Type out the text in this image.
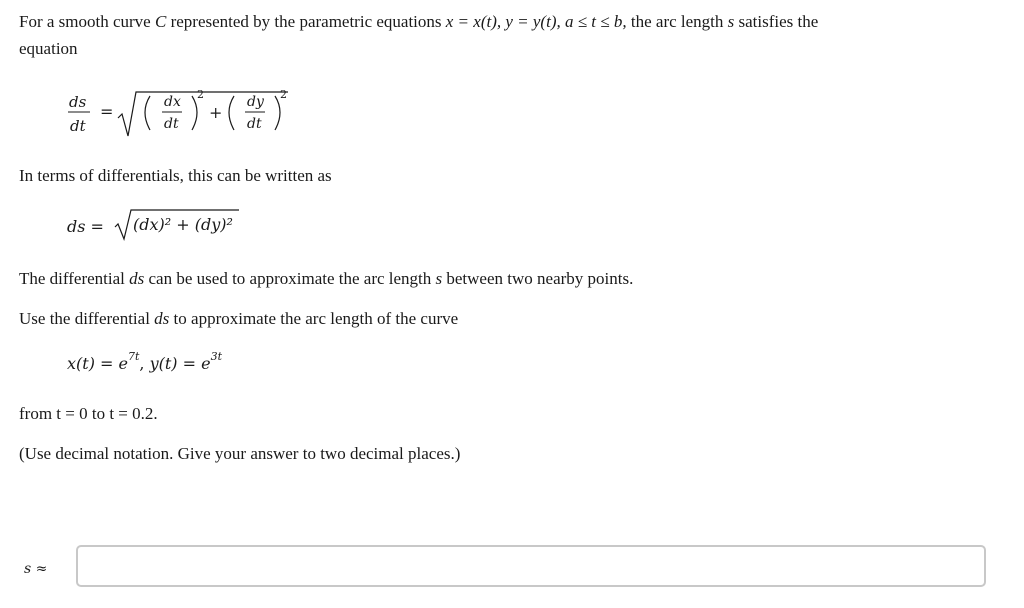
For a smooth curve C represented by the parametric equations x = x(t), y = y(t), a ≤ t ≤ b, the arc length s satisfies the
equation
ds
dt
=	dx
dt
2
+
dy
dt
2
In terms of differentials, this can be written as
ds = (dx)² + (dy)²
The differential ds can be used to approximate the arc length s between two nearby points.
Use the differential ds to approximate the arc length of the curve
$x(t) = e^{7t}$, $y(t) = e^{3t}$
from t = 0 to t = 0.2.
(Use decimal notation. Give your answer to two decimal places.)
s ≈
